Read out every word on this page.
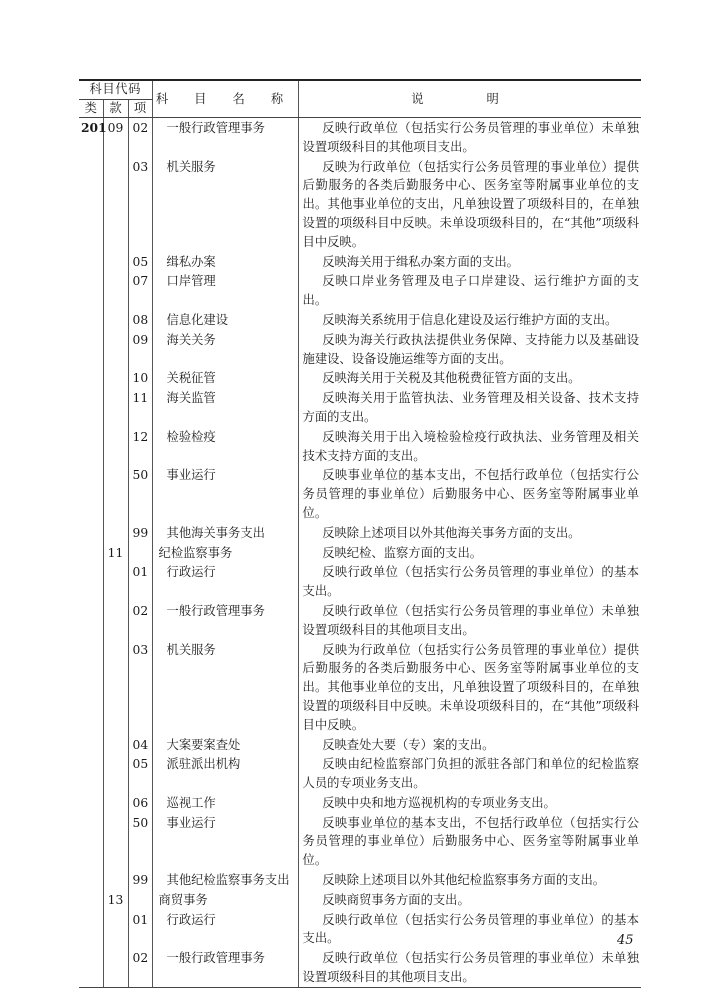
科目代码			科 目 名 称	说 明
类	款	项		
201	09	02	一般行政管理事务	反映行政单位（包括实行公务员管理的事业单位）未单独设置项级科目的其他项目支出。

		03	机关服务	反映为行政单位（包括实行公务员管理的事业单位）提供后勤服务的各类后勤服务中心、医务室等附属事业单位的支出。其他事业单位的支出，凡单独设置了项级科目的，在单独设置的项级科目中反映。未单设项级科目的，在“其他”项级科目中反映。

		05	缉私办案	反映海关用于缉私办案方面的支出。

		07	口岸管理	反映口岸业务管理及电子口岸建设、运行维护方面的支出。

		08	信息化建设	反映海关系统用于信息化建设及运行维护方面的支出。

		09	海关关务	反映为海关行政执法提供业务保障、支持能力以及基础设施建设、设备设施运维等方面的支出。

		10	关税征管	反映海关用于关税及其他税费征管方面的支出。

		11	海关监管	反映海关用于监管执法、业务管理及相关设备、技术支持方面的支出。

		12	检验检疫	反映海关用于出入境检验检疫行政执法、业务管理及相关技术支持方面的支出。

		50	事业运行	反映事业单位的基本支出，不包括行政单位（包括实行公务员管理的事业单位）后勤服务中心、医务室等附属事业单位。

		99	其他海关事务支出	反映除上述项目以外其他海关事务方面的支出。

	11		纪检监察事务	反映纪检、监察方面的支出。

		01	行政运行	反映行政单位（包括实行公务员管理的事业单位）的基本支出。

		02	一般行政管理事务	反映行政单位（包括实行公务员管理的事业单位）未单独设置项级科目的其他项目支出。

		03	机关服务	反映为行政单位（包括实行公务员管理的事业单位）提供后勤服务的各类后勤服务中心、医务室等附属事业单位的支出。其他事业单位的支出，凡单独设置了项级科目的，在单独设置的项级科目中反映。未单设项级科目的，在“其他”项级科目中反映。

		04	大案要案查处	反映查处大要（专）案的支出。

		05	派驻派出机构	反映由纪检监察部门负担的派驻各部门和单位的纪检监察人员的专项业务支出。

		06	巡视工作	反映中央和地方巡视机构的专项业务支出。

		50	事业运行	反映事业单位的基本支出，不包括行政单位（包括实行公务员管理的事业单位）后勤服务中心、医务室等附属事业单位。

		99	其他纪检监察事务支出	反映除上述项目以外其他纪检监察事务方面的支出。

	13		商贸事务	反映商贸事务方面的支出。

		01	行政运行	反映行政单位（包括实行公务员管理的事业单位）的基本支出。

		02	一般行政管理事务	反映行政单位（包括实行公务员管理的事业单位）未单独设置项级科目的其他项目支出。
45
